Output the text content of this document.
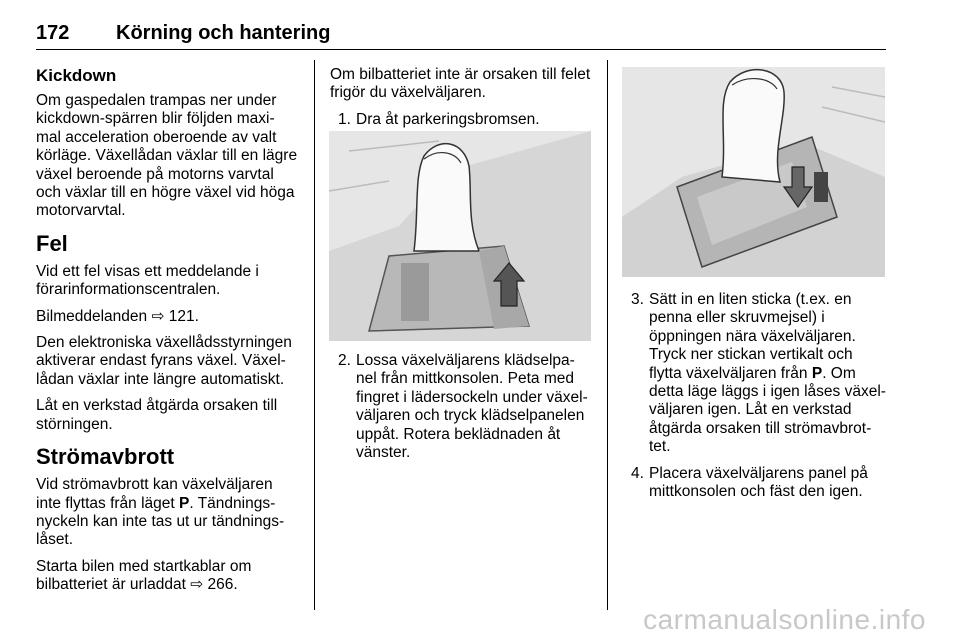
172 Körning och hantering
Kickdown

Om gaspedalen trampas ner under kickdown-spärren blir följden maxi-mal acceleration oberoende av valt körläge. Växellådan växlar till en lägre växel beroende på motorns varvtal och växlar till en högre växel vid höga motorvarvtal.

Fel

Vid ett fel visas ett meddelande i förarinformationscentralen.

Bilmeddelanden ⇨ 121.

Den elektroniska växellådsstyrningen aktiverar endast fyrans växel. Växel-lådan växlar inte längre automatiskt.

Låt en verkstad åtgärda orsaken till störningen.

Strömavbrott

Vid strömavbrott kan växelväljaren inte flyttas från läget P. Tändnings-nyckeln kan inte tas ut ur tändnings-låset.

Starta bilen med startkablar om bilbatteriet är urladdat ⇨ 266.

Om bilbatteriet inte är orsaken till felet frigör du växelväljaren.

1. Dra åt parkeringsbromsen.
2. Lossa växelväljarens klädselpa-nel från mittkonsolen. Peta med fingret i lädersockeln under växel-väljaren och tryck klädselpanelen uppåt. Rotera beklädnaden åt vänster.
3. Sätt in en liten sticka (t.ex. en penna eller skruvmejsel) i öppningen nära växelväljaren. Tryck ner stickan vertikalt och flytta växelväljaren från P. Om detta läge läggs i igen låses växel-väljaren igen. Låt en verkstad åtgärda orsaken till strömavbrot-tet.
4. Placera växelväljarens panel på mittkonsolen och fäst den igen.
carmanualsonline.info
